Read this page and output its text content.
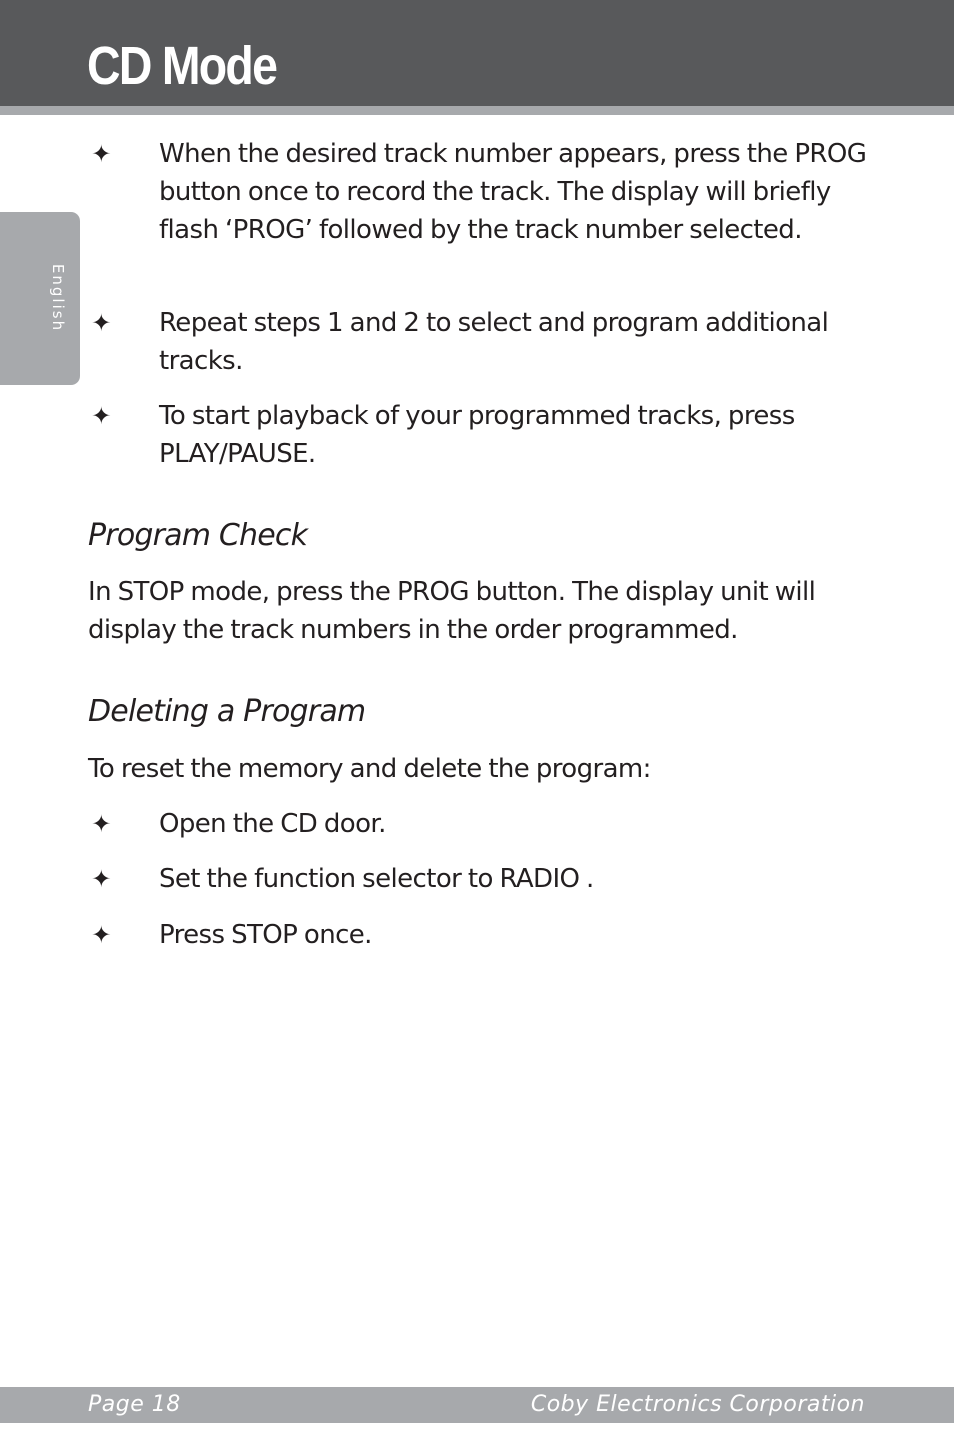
CD Mode
English
✦ When the desired track number appears, press the PROG button once to record the track. The display will briefly flash ‘PROG’ followed by the track number selected.
✦ Repeat steps 1 and 2 to select and program additional tracks.
✦ To start playback of your programmed tracks, press PLAY/PAUSE.
Program Check
In STOP mode, press the PROG button. The display unit will display the track numbers in the order programmed.
Deleting a Program
To reset the memory and delete the program:
✦ Open the CD door.
✦ Set the function selector to RADIO .
✦ Press STOP once.
Page 18	Coby Electronics Corporation
